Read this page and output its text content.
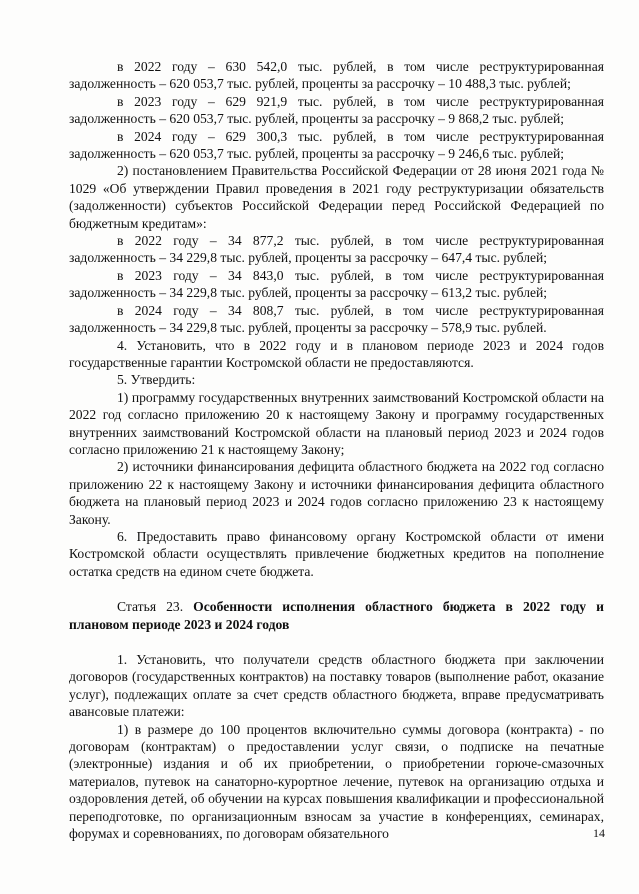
в 2022 году – 630 542,0 тыс. рублей, в том числе реструктурированная задолженность – 620 053,7 тыс. рублей, проценты за рассрочку – 10 488,3 тыс. рублей;

в 2023 году – 629 921,9 тыс. рублей, в том числе реструктурированная задолженность – 620 053,7 тыс. рублей, проценты за рассрочку – 9 868,2 тыс. рублей;

в 2024 году – 629 300,3 тыс. рублей, в том числе реструктурированная задолженность – 620 053,7 тыс. рублей, проценты за рассрочку – 9 246,6 тыс. рублей;

2) постановлением Правительства Российской Федерации от 28 июня 2021 года № 1029 «Об утверждении Правил проведения в 2021 году реструктуризации обязательств (задолженности) субъектов Российской Федерации перед Российской Федерацией по бюджетным кредитам»:

в 2022 году – 34 877,2 тыс. рублей, в том числе реструктурированная задолженность – 34 229,8 тыс. рублей, проценты за рассрочку – 647,4 тыс. рублей;

в 2023 году – 34 843,0 тыс. рублей, в том числе реструктурированная задолженность – 34 229,8 тыс. рублей, проценты за рассрочку – 613,2 тыс. рублей;

в 2024 году – 34 808,7 тыс. рублей, в том числе реструктурированная задолженность – 34 229,8 тыс. рублей, проценты за рассрочку – 578,9 тыс. рублей.

4. Установить, что в 2022 году и в плановом периоде 2023 и 2024 годов государственные гарантии Костромской области не предоставляются.

5. Утвердить:

1) программу государственных внутренних заимствований Костромской области на 2022 год согласно приложению 20 к настоящему Закону и программу государственных внутренних заимствований Костромской области на плановый период 2023 и 2024 годов согласно приложению 21 к настоящему Закону;

2) источники финансирования дефицита областного бюджета на 2022 год согласно приложению 22 к настоящему Закону и источники финансирования дефицита областного бюджета на плановый период 2023 и 2024 годов согласно приложению 23 к настоящему Закону.

6. Предоставить право финансовому органу Костромской области от имени Костромской области осуществлять привлечение бюджетных кредитов на пополнение остатка средств на едином счете бюджета.

Статья 23. Особенности исполнения областного бюджета в 2022 году и плановом периоде 2023 и 2024 годов

1. Установить, что получатели средств областного бюджета при заключении договоров (государственных контрактов) на поставку товаров (выполнение работ, оказание услуг), подлежащих оплате за счет средств областного бюджета, вправе предусматривать авансовые платежи:

1) в размере до 100 процентов включительно суммы договора (контракта) - по договорам (контрактам) о предоставлении услуг связи, о подписке на печатные (электронные) издания и об их приобретении, о приобретении горюче-смазочных материалов, путевок на санаторно-курортное лечение, путевок на организацию отдыха и оздоровления детей, об обучении на курсах повышения квалификации и профессиональной переподготовке, по организационным взносам за участие в конференциях, семинарах, форумах и соревнованиях, по договорам обязательного	14
